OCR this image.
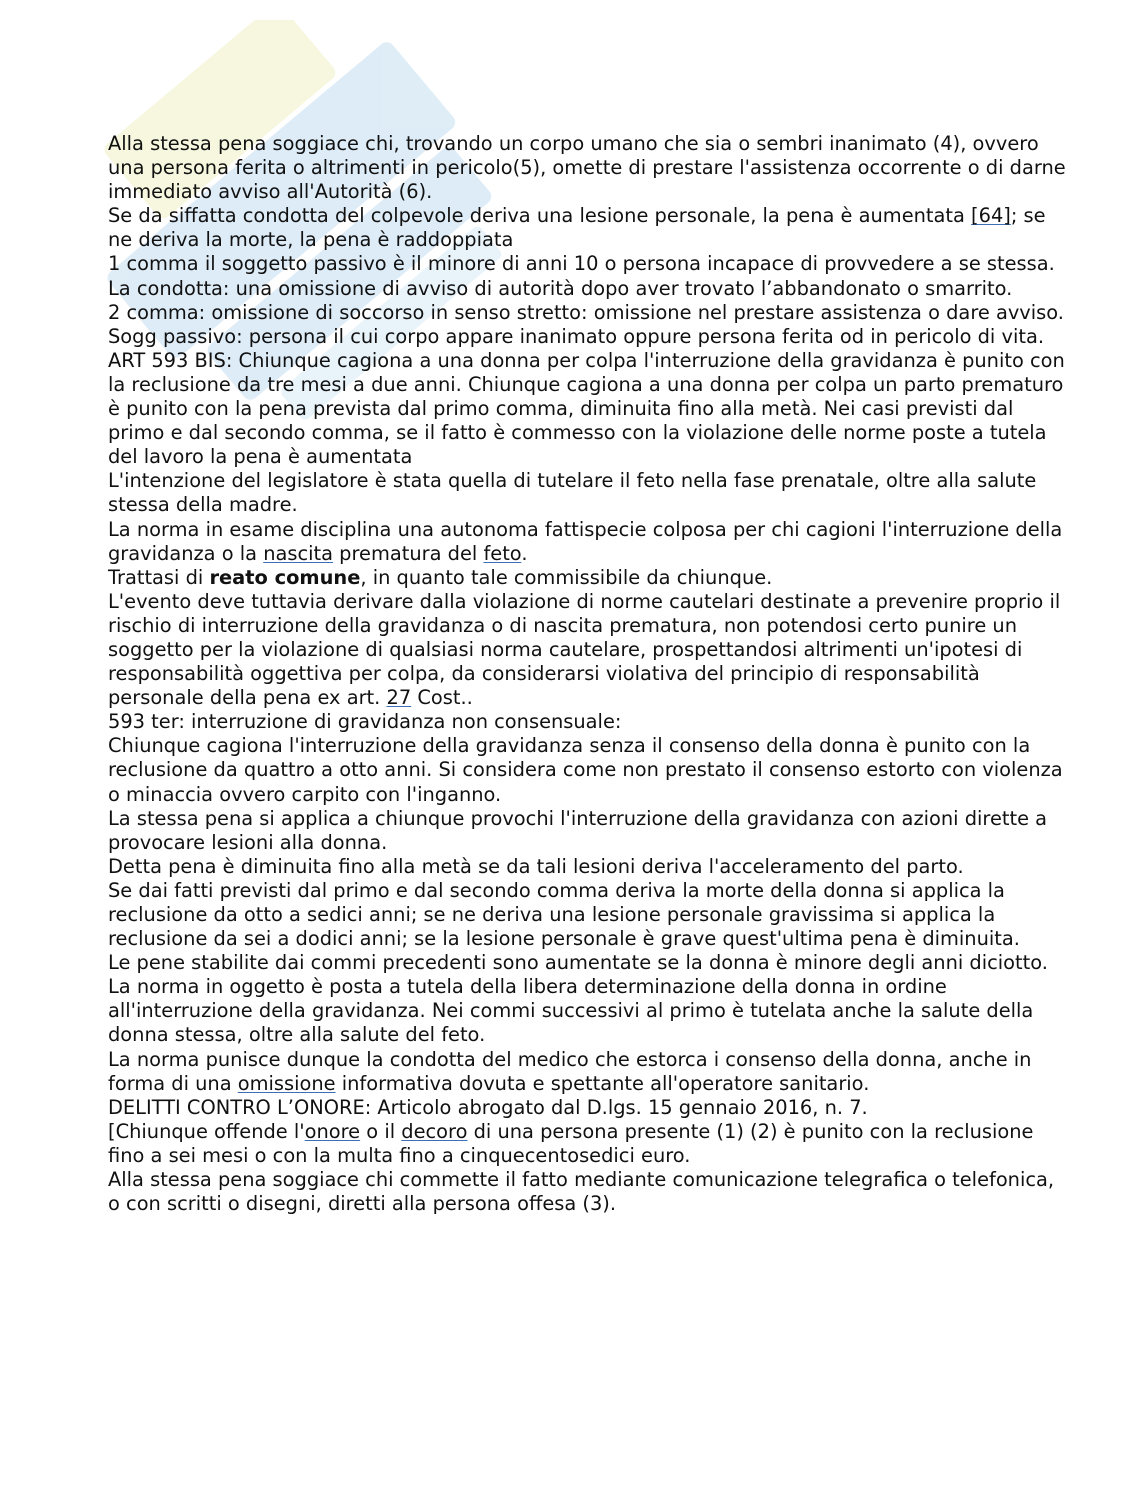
Alla stessa pena soggiace chi, trovando un corpo umano che sia o sembri inanimato (4), ovvero una persona ferita o altrimenti in pericolo(5), omette di prestare l'assistenza occorrente o di darne immediato avviso all'Autorità (6).

Se da siffatta condotta del colpevole deriva una lesione personale, la pena è aumentata [64]; se ne deriva la morte, la pena è raddoppiata

1 comma il soggetto passivo è il minore di anni 10 o persona incapace di provvedere a se stessa.

La condotta: una omissione di avviso di autorità dopo aver trovato l’abbandonato o smarrito.

2 comma: omissione di soccorso in senso stretto: omissione nel prestare assistenza o dare avviso.

Sogg passivo: persona il cui corpo appare inanimato oppure persona ferita od in pericolo di vita.

ART 593 BIS: Chiunque cagiona a una donna per colpa l'interruzione della gravidanza è punito con la reclusione da tre mesi a due anni. Chiunque cagiona a una donna per colpa un parto prematuro è punito con la pena prevista dal primo comma, diminuita fino alla metà. Nei casi previsti dal primo e dal secondo comma, se il fatto è commesso con la violazione delle norme poste a tutela del lavoro la pena è aumentata

L'intenzione del legislatore è stata quella di tutelare il feto nella fase prenatale, oltre alla salute stessa della madre.

La norma in esame disciplina una autonoma fattispecie colposa per chi cagioni l'interruzione della gravidanza o la nascita prematura del feto.

Trattasi di reato comune, in quanto tale commissibile da chiunque.

L'evento deve tuttavia derivare dalla violazione di norme cautelari destinate a prevenire proprio il rischio di interruzione della gravidanza o di nascita prematura, non potendosi certo punire un soggetto per la violazione di qualsiasi norma cautelare, prospettandosi altrimenti un'ipotesi di responsabilità oggettiva per colpa, da considerarsi violativa del principio di responsabilità personale della pena ex art. 27 Cost..

593 ter: interruzione di gravidanza non consensuale:

Chiunque cagiona l'interruzione della gravidanza senza il consenso della donna è punito con la reclusione da quattro a otto anni. Si considera come non prestato il consenso estorto con violenza o minaccia ovvero carpito con l'inganno.

La stessa pena si applica a chiunque provochi l'interruzione della gravidanza con azioni dirette a provocare lesioni alla donna.

Detta pena è diminuita fino alla metà se da tali lesioni deriva l'acceleramento del parto.

Se dai fatti previsti dal primo e dal secondo comma deriva la morte della donna si applica la reclusione da otto a sedici anni; se ne deriva una lesione personale gravissima si applica la reclusione da sei a dodici anni; se la lesione personale è grave quest'ultima pena è diminuita.

Le pene stabilite dai commi precedenti sono aumentate se la donna è minore degli anni diciotto.

La norma in oggetto è posta a tutela della libera determinazione della donna in ordine all'interruzione della gravidanza. Nei commi successivi al primo è tutelata anche la salute della donna stessa, oltre alla salute del feto.

La norma punisce dunque la condotta del medico che estorca i consenso della donna, anche in forma di una omissione informativa dovuta e spettante all'operatore sanitario.

DELITTI CONTRO L’ONORE: Articolo abrogato dal D.lgs. 15 gennaio 2016, n. 7.

[Chiunque offende l'onore o il decoro di una persona presente (1) (2) è punito con la reclusione fino a sei mesi o con la multa fino a cinquecentosedici euro.

Alla stessa pena soggiace chi commette il fatto mediante comunicazione telegrafica o telefonica, o con scritti o disegni, diretti alla persona offesa (3).
